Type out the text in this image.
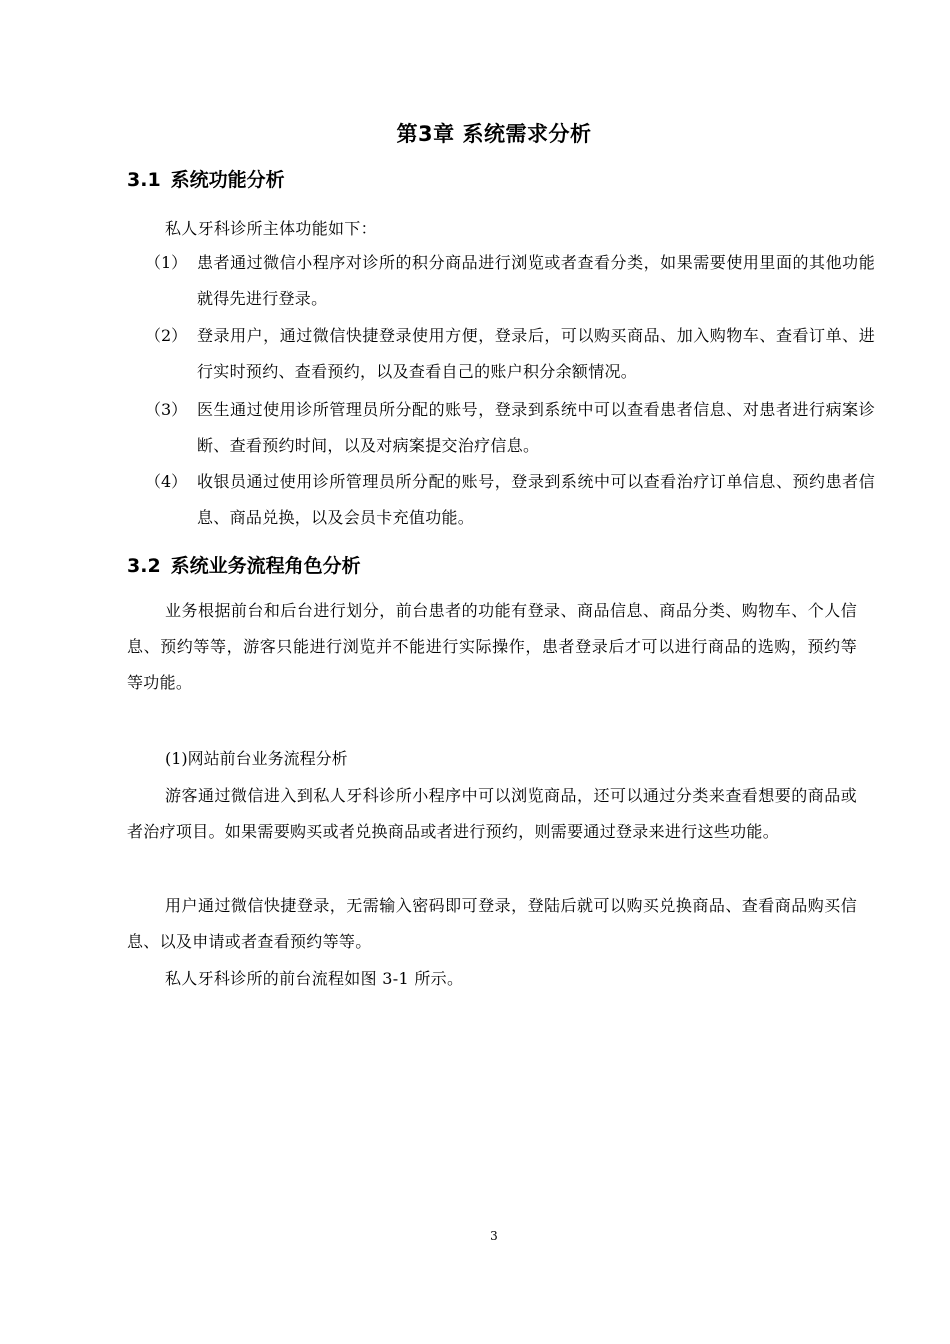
第3章 系统需求分析
3.1 系统功能分析
私人牙科诊所主体功能如下：
（1） 患者通过微信小程序对诊所的积分商品进行浏览或者查看分类，如果需要使用里面的其他功能就得先进行登录。
（2） 登录用户，通过微信快捷登录使用方便，登录后，可以购买商品、加入购物车、查看订单、进行实时预约、查看预约，以及查看自己的账户积分余额情况。
（3） 医生通过使用诊所管理员所分配的账号，登录到系统中可以查看患者信息、对患者进行病案诊断、查看预约时间，以及对病案提交治疗信息。
（4） 收银员通过使用诊所管理员所分配的账号，登录到系统中可以查看治疗订单信息、预约患者信息、商品兑换，以及会员卡充值功能。
3.2 系统业务流程角色分析
业务根据前台和后台进行划分，前台患者的功能有登录、商品信息、商品分类、购物车、个人信息、预约等等，游客只能进行浏览并不能进行实际操作，患者登录后才可以进行商品的选购，预约等等功能。
(1)网站前台业务流程分析
游客通过微信进入到私人牙科诊所小程序中可以浏览商品，还可以通过分类来查看想要的商品或者治疗项目。如果需要购买或者兑换商品或者进行预约，则需要通过登录来进行这些功能。
用户通过微信快捷登录，无需输入密码即可登录，登陆后就可以购买兑换商品、查看商品购买信息、以及申请或者查看预约等等。
私人牙科诊所的前台流程如图 3-1 所示。
3
